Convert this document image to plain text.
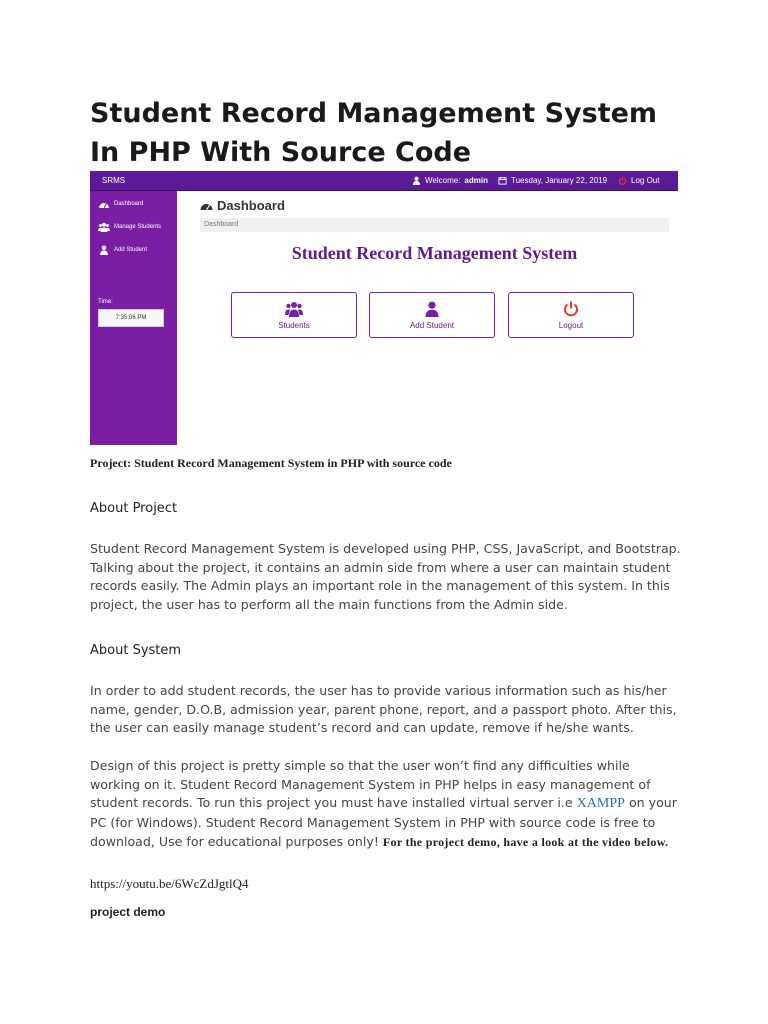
Student Record Management System In PHP With Source Code
SRMS	Welcome: admin	Tuesday, January 22, 2019	Log Out
Dashboard
Manage Students
Add Student
Time:
7:35:06 PM
Dashboard
Dashboard
Student Record Management System
Students	Add Student	Logout

Project: Student Record Management System in PHP with source code

About Project

Student Record Management System is developed using PHP, CSS, JavaScript, and Bootstrap. Talking about the project, it contains an admin side from where a user can maintain student records easily. The Admin plays an important role in the management of this system. In this project, the user has to perform all the main functions from the Admin side.

About System

In order to add student records, the user has to provide various information such as his/her name, gender, D.O.B, admission year, parent phone, report, and a passport photo. After this, the user can easily manage student’s record and can update, remove if he/she wants.

Design of this project is pretty simple so that the user won’t find any difficulties while working on it. Student Record Management System in PHP helps in easy management of student records. To run this project you must have installed virtual server i.e XAMPP on your PC (for Windows). Student Record Management System in PHP with source code is free to download, Use for educational purposes only! For the project demo, have a look at the video below.

https://youtu.be/6WcZdJgtlQ4

project demo
